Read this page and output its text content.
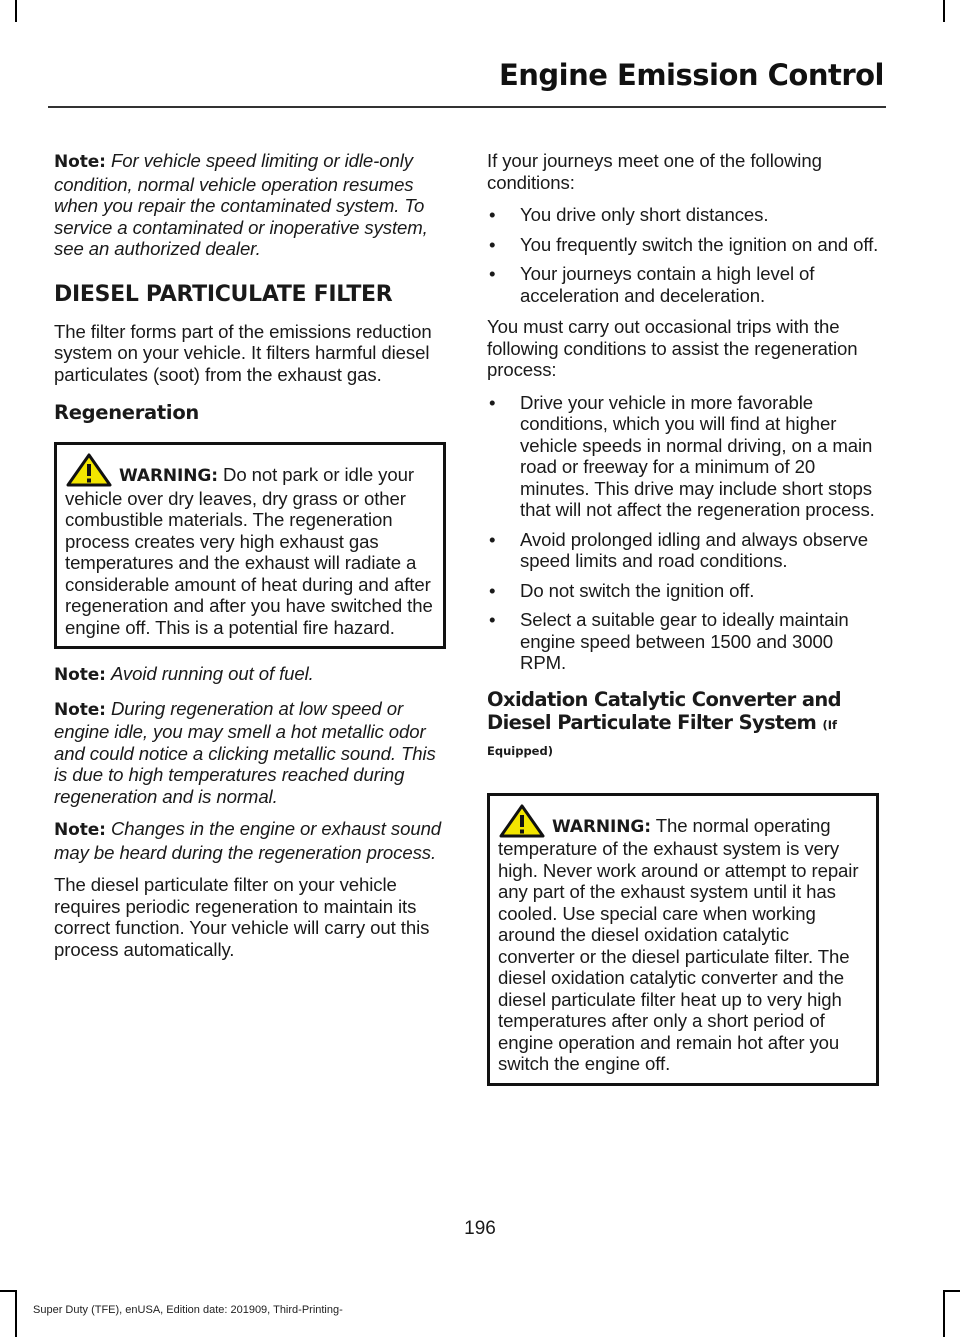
Engine Emission Control

Note: For vehicle speed limiting or idle-only condition, normal vehicle operation resumes when you repair the contaminated system. To service a contaminated or inoperative system, see an authorized dealer.

DIESEL PARTICULATE FILTER

The filter forms part of the emissions reduction system on your vehicle. It filters harmful diesel particulates (soot) from the exhaust gas.

Regeneration

WARNING: Do not park or idle your vehicle over dry leaves, dry grass or other combustible materials. The regeneration process creates very high exhaust gas temperatures and the exhaust will radiate a considerable amount of heat during and after regeneration and after you have switched the engine off. This is a potential fire hazard.

Note: Avoid running out of fuel.

Note: During regeneration at low speed or engine idle, you may smell a hot metallic odor and could notice a clicking metallic sound. This is due to high temperatures reached during regeneration and is normal.

Note: Changes in the engine or exhaust sound may be heard during the regeneration process.

The diesel particulate filter on your vehicle requires periodic regeneration to maintain its correct function. Your vehicle will carry out this process automatically.

If your journeys meet one of the following conditions:

• You drive only short distances.
• You frequently switch the ignition on and off.
• Your journeys contain a high level of acceleration and deceleration.

You must carry out occasional trips with the following conditions to assist the regeneration process:

• Drive your vehicle in more favorable conditions, which you will find at higher vehicle speeds in normal driving, on a main road or freeway for a minimum of 20 minutes. This drive may include short stops that will not affect the regeneration process.
• Avoid prolonged idling and always observe speed limits and road conditions.
• Do not switch the ignition off.
• Select a suitable gear to ideally maintain engine speed between 1500 and 3000 RPM.
Oxidation Catalytic Converter and Diesel Particulate Filter System (If
Equipped)

WARNING: The normal operating temperature of the exhaust system is very high. Never work around or attempt to repair any part of the exhaust system until it has cooled. Use special care when working around the diesel oxidation catalytic converter or the diesel particulate filter. The diesel oxidation catalytic converter and the diesel particulate filter heat up to very high temperatures after only a short period of engine operation and remain hot after you switch the engine off.

196
Super Duty (TFE), enUSA, Edition date: 201909, Third-Printing-
